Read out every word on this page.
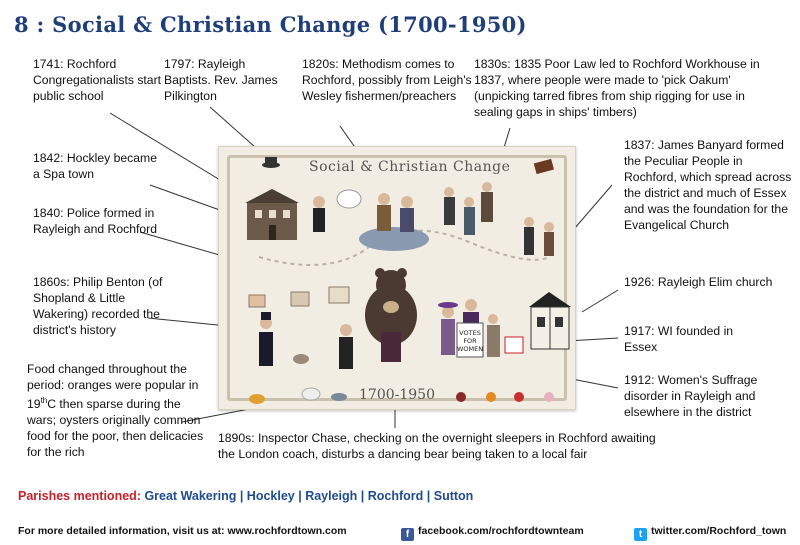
8 : Social & Christian Change (1700-1950)
1741: Rochford Congregationalists start public school
1797: Rayleigh Baptists. Rev. James Pilkington
1820s: Methodism comes to Rochford, possibly from Leigh's Wesley fishermen/preachers
1830s: 1835 Poor Law led to Rochford Workhouse in 1837, where people were made to 'pick Oakum' (unpicking tarred fibres from ship rigging for use in sealing gaps in ships' timbers)
1842: Hockley became a Spa town
1840: Police formed in Rayleigh and Rochford
1860s: Philip Benton (of Shopland & Little Wakering) recorded the district's history
Food changed throughout the period: oranges were popular in 19thC then sparse during the wars; oysters originally common food for the poor, then delicacies for the rich
1837: James Banyard formed the Peculiar People in Rochford, which spread across the district and much of Essex and was the foundation for the Evangelical Church
1926: Rayleigh Elim church
1917: WI founded in Essex
1912: Women's Suffrage disorder in Rayleigh and elsewhere in the district
1890s: Inspector Chase, checking on the overnight sleepers in Rochford awaiting the London coach, disturbs a dancing bear being taken to a local fair
Social & Christian Change
VOTES
FOR
WOMEN
1700-1950
Parishes mentioned: Great Wakering | Hockley | Rayleigh | Rochford | Sutton
For more detailed information, visit us at: www.rochfordtown.com	f facebook.com/rochfordtownteam	t twitter.com/Rochford_town
